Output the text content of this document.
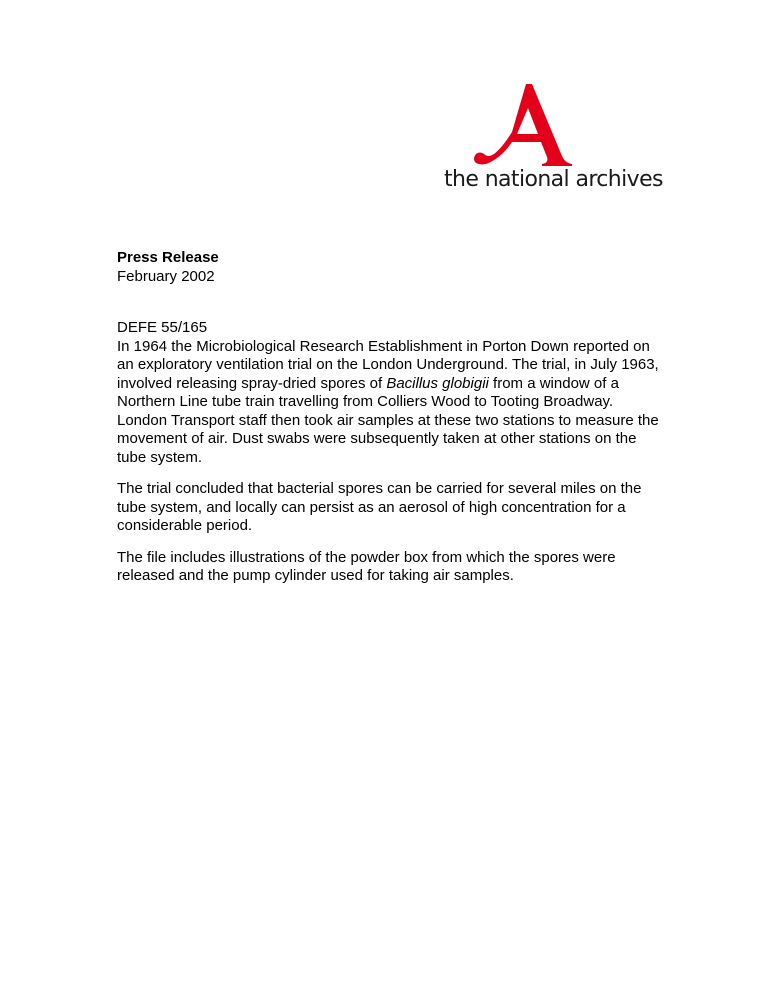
the national archives
Press Release
February 2002
DEFE 55/165

In 1964 the Microbiological Research Establishment in Porton Down reported on an exploratory ventilation trial on the London Underground. The trial, in July 1963, involved releasing spray-dried spores of Bacillus globigii from a window of a Northern Line tube train travelling from Colliers Wood to Tooting Broadway. London Transport staff then took air samples at these two stations to measure the movement of air. Dust swabs were subsequently taken at other stations on the tube system.

The trial concluded that bacterial spores can be carried for several miles on the tube system, and locally can persist as an aerosol of high concentration for a considerable period.

The file includes illustrations of the powder box from which the spores were released and the pump cylinder used for taking air samples.
